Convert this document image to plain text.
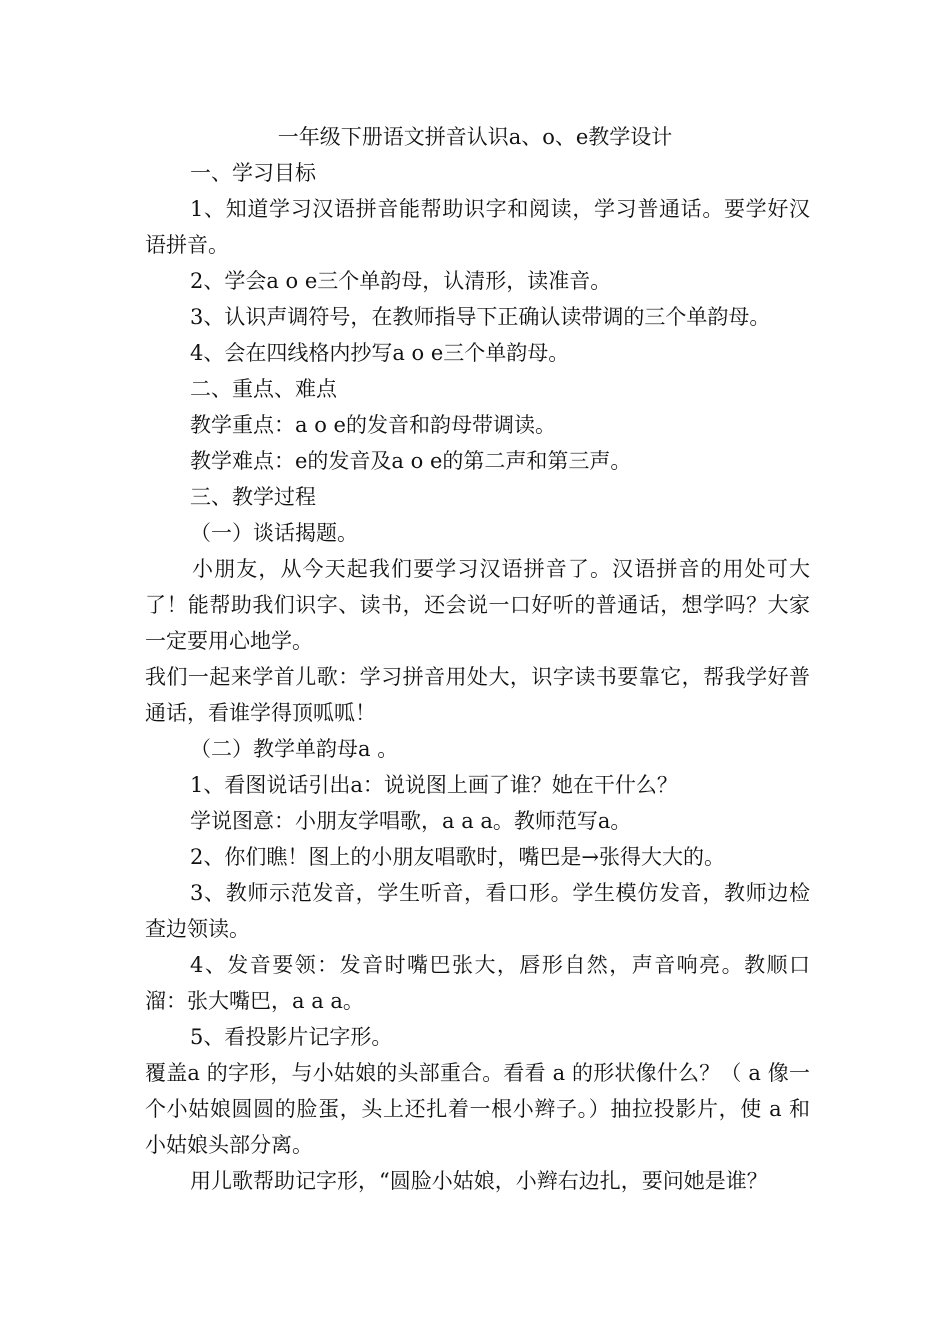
一年级下册语文拼音认识a、o、e教学设计

一、学习目标

1、知道学习汉语拼音能帮助识字和阅读，学习普通话。要学好汉语拼音。

2、学会a o e三个单韵母，认清形，读准音。

3、认识声调符号，在教师指导下正确认读带调的三个单韵母。

4、会在四线格内抄写a o e三个单韵母。

二、重点、难点

教学重点：a o e的发音和韵母带调读。

教学难点：e的发音及a o e的第二声和第三声。

三、教学过程

（一）谈话揭题。

小朋友，从今天起我们要学习汉语拼音了。汉语拼音的用处可大了！能帮助我们识字、读书，还会说一口好听的普通话，想学吗？大家一定要用心地学。

我们一起来学首儿歌：学习拼音用处大，识字读书要靠它，帮我学好普通话，看谁学得顶呱呱！

（二）教学单韵母a 。

1、看图说话引出a：说说图上画了谁？她在干什么？

学说图意：小朋友学唱歌，a a a。教师范写a。

2、你们瞧！图上的小朋友唱歌时，嘴巴是→张得大大的。

3、教师示范发音，学生听音，看口形。学生模仿发音，教师边检查边领读。

4、发音要领：发音时嘴巴张大，唇形自然，声音响亮。教顺口溜：张大嘴巴，a a a。

5、看投影片记字形。

覆盖a 的字形，与小姑娘的头部重合。看看 a 的形状像什么？（ a 像一个小姑娘圆圆的脸蛋，头上还扎着一根小辫子。）抽拉投影片，使 a 和小姑娘头部分离。

用儿歌帮助记字形，“圆脸小姑娘，小辫右边扎，要问她是谁？
